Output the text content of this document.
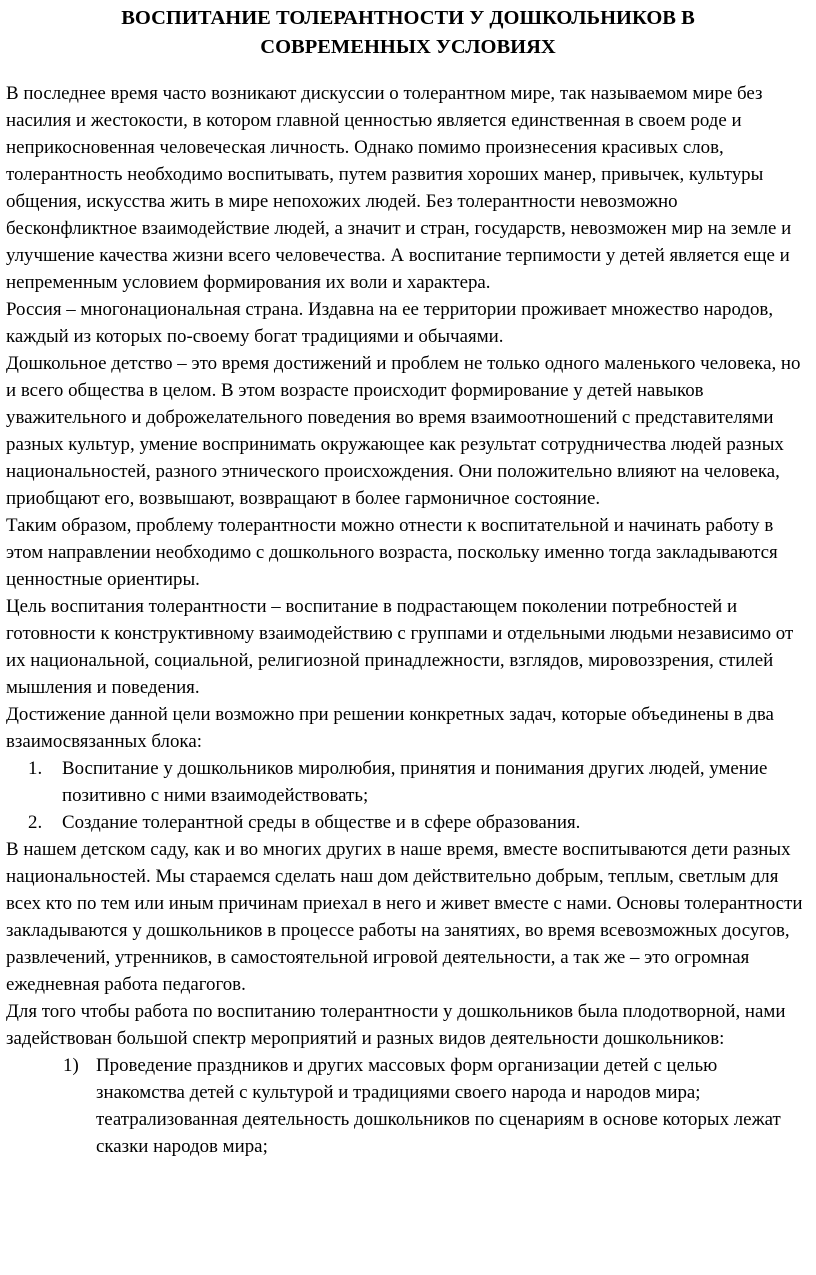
ВОСПИТАНИЕ ТОЛЕРАНТНОСТИ У ДОШКОЛЬНИКОВ В СОВРЕМЕННЫХ УСЛОВИЯХ

В последнее время часто возникают дискуссии о толерантном мире, так называемом мире без насилия и жестокости, в котором главной ценностью является единственная в своем роде и неприкосновенная человеческая личность. Однако помимо произнесения красивых слов, толерантность необходимо воспитывать, путем развития хороших манер, привычек, культуры общения, искусства жить в мире непохожих людей. Без толерантности невозможно бесконфликтное взаимодействие людей, а значит и стран, государств, невозможен мир на земле и улучшение качества жизни всего человечества. А воспитание терпимости у детей является еще и непременным условием формирования их воли и характера.

Россия – многонациональная страна. Издавна на ее территории проживает множество народов, каждый из которых по-своему богат традициями и обычаями.

Дошкольное детство – это время достижений и проблем не только одного маленького человека, но и всего общества в целом. В этом возрасте происходит формирование у детей навыков уважительного и доброжелательного поведения во время взаимоотношений с представителями разных культур, умение воспринимать окружающее как результат сотрудничества людей разных национальностей, разного этнического происхождения. Они положительно влияют на человека, приобщают его, возвышают, возвращают в более гармоничное состояние.

Таким образом, проблему толерантности можно отнести к воспитательной и начинать работу в этом направлении необходимо с дошкольного возраста, поскольку именно тогда закладываются ценностные ориентиры.

Цель воспитания толерантности – воспитание в подрастающем поколении потребностей и готовности к конструктивному взаимодействию с группами и отдельными людьми независимо от их национальной, социальной, религиозной принадлежности, взглядов, мировоззрения, стилей мышления и поведения.

Достижение данной цели возможно при решении конкретных задач, которые объединены в два взаимосвязанных блока:

1. Воспитание у дошкольников миролюбия, принятия и понимания других людей, умение позитивно с ними взаимодействовать;
2. Создание толерантной среды в обществе и в сфере образования.

В нашем детском саду, как и во многих других в наше время, вместе воспитываются дети разных национальностей. Мы стараемся сделать наш дом действительно добрым, теплым, светлым для всех кто по тем или иным причинам приехал в него и живет вместе с нами. Основы толерантности закладываются у дошкольников в процессе работы на занятиях, во время всевозможных досугов, развлечений, утренников, в самостоятельной игровой деятельности, а так же – это огромная ежедневная работа педагогов.

Для того чтобы работа по воспитанию толерантности у дошкольников была плодотворной, нами задействован большой спектр мероприятий и разных видов деятельности дошкольников:

1) Проведение праздников и других массовых форм организации детей с целью знакомства детей с культурой и традициями своего народа и народов мира; театрализованная деятельность дошкольников по сценариям в основе которых лежат сказки народов мира;
